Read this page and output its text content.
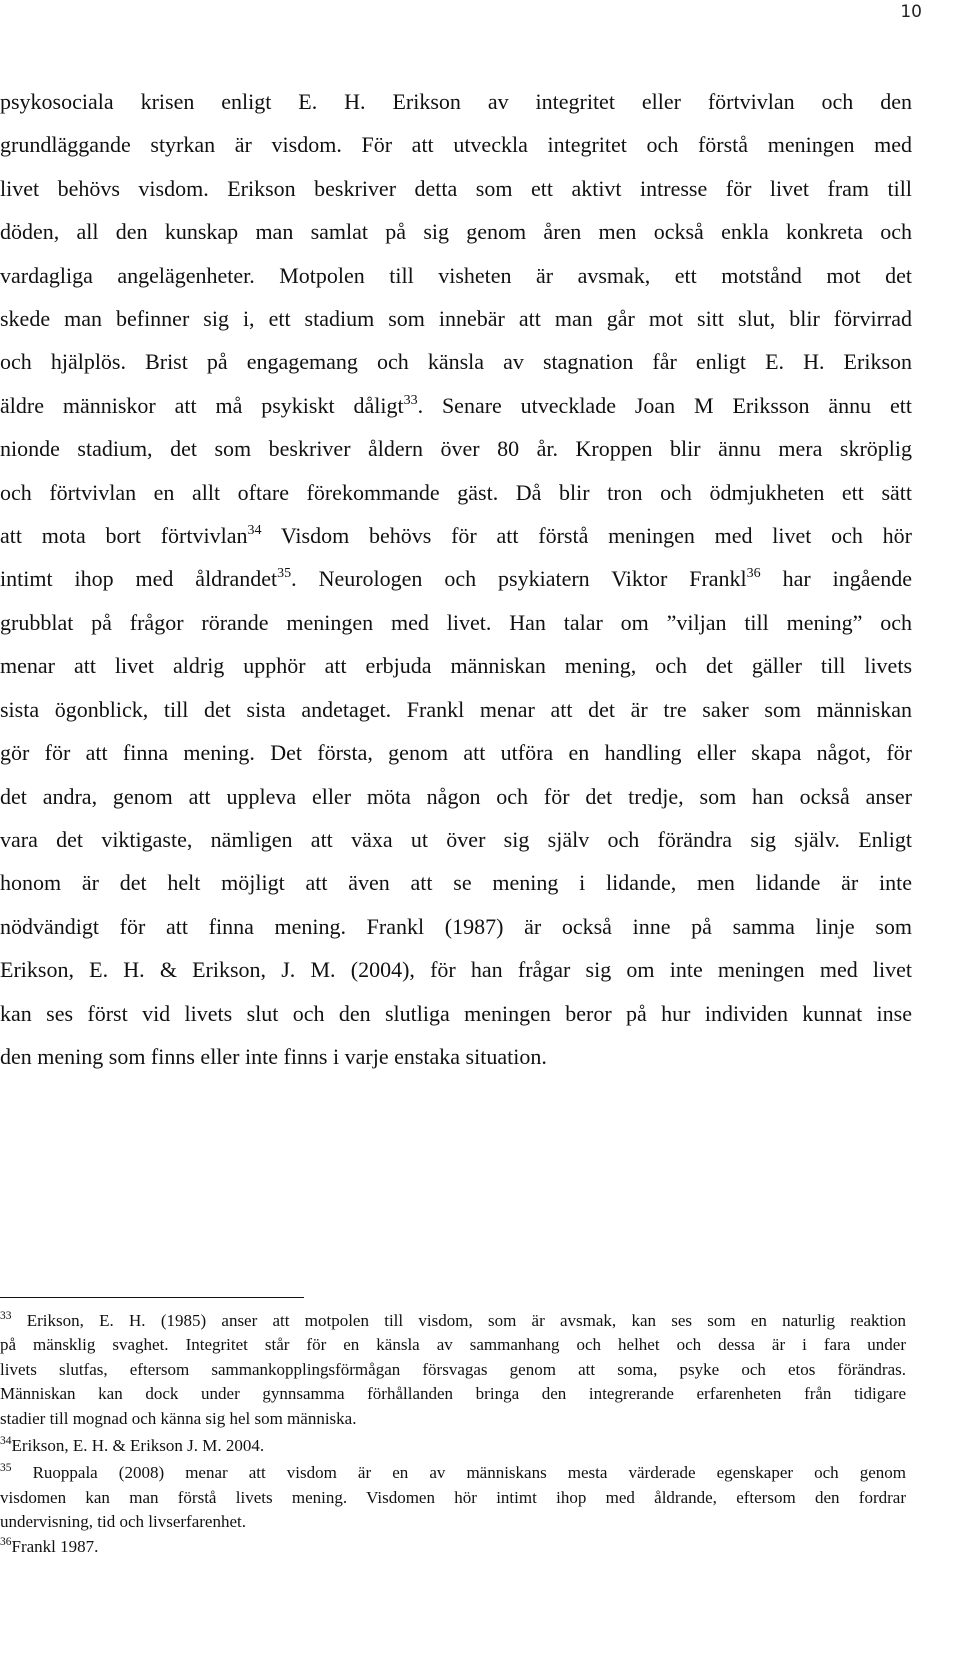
10
psykosociala krisen enligt E. H. Erikson av integritet eller förtvivlan och den
grundläggande styrkan är visdom. För att utveckla integritet och förstå meningen med
livet behövs visdom. Erikson beskriver detta som ett aktivt intresse för livet fram till
döden, all den kunskap man samlat på sig genom åren men också enkla konkreta och
vardagliga angelägenheter. Motpolen till visheten är avsmak, ett motstånd mot det
skede man befinner sig i, ett stadium som innebär att man går mot sitt slut, blir förvirrad
och hjälplös. Brist på engagemang och känsla av stagnation får enligt E. H. Erikson
äldre människor att må psykiskt dåligt$^{33}$. Senare utvecklade Joan M Eriksson ännu ett
nionde stadium, det som beskriver åldern över 80 år. Kroppen blir ännu mera skröplig
och förtvivlan en allt oftare förekommande gäst. Då blir tron och ödmjukheten ett sätt
att mota bort förtvivlan$^{34}$ Visdom behövs för att förstå meningen med livet och hör
intimt ihop med åldrandet$^{35}$. Neurologen och psykiatern Viktor Frankl$^{36}$ har ingående
grubblat på frågor rörande meningen med livet. Han talar om ”viljan till mening” och
menar att livet aldrig upphör att erbjuda människan mening, och det gäller till livets
sista ögonblick, till det sista andetaget. Frankl menar att det är tre saker som människan
gör för att finna mening. Det första, genom att utföra en handling eller skapa något, för
det andra, genom att uppleva eller möta någon och för det tredje, som han också anser
vara det viktigaste, nämligen att växa ut över sig själv och förändra sig själv. Enligt
honom är det helt möjligt att även att se mening i lidande, men lidande är inte
nödvändigt för att finna mening. Frankl (1987) är också inne på samma linje som
Erikson, E. H. & Erikson, J. M. (2004), för han frågar sig om inte meningen med livet
kan ses först vid livets slut och den slutliga meningen beror på hur individen kunnat inse
den mening som finns eller inte finns i varje enstaka situation.
$^{33}$ Erikson, E. H. (1985) anser att motpolen till visdom, som är avsmak, kan ses som en naturlig reaktion
på mänsklig svaghet. Integritet står för en känsla av sammanhang och helhet och dessa är i fara under
livets slutfas, eftersom sammankopplingsförmågan försvagas genom att soma, psyke och etos förändras.
Människan kan dock under gynnsamma förhållanden bringa den integrerande erfarenheten från tidigare
stadier till mognad och känna sig hel som människa.
$^{34}$Erikson, E. H. & Erikson J. M. 2004.
$^{35}$ Ruoppala (2008) menar att visdom är en av människans mesta värderade egenskaper och genom
visdomen kan man förstå livets mening. Visdomen hör intimt ihop med åldrande, eftersom den fordrar
undervisning, tid och livserfarenhet.
$^{36}$Frankl 1987.
